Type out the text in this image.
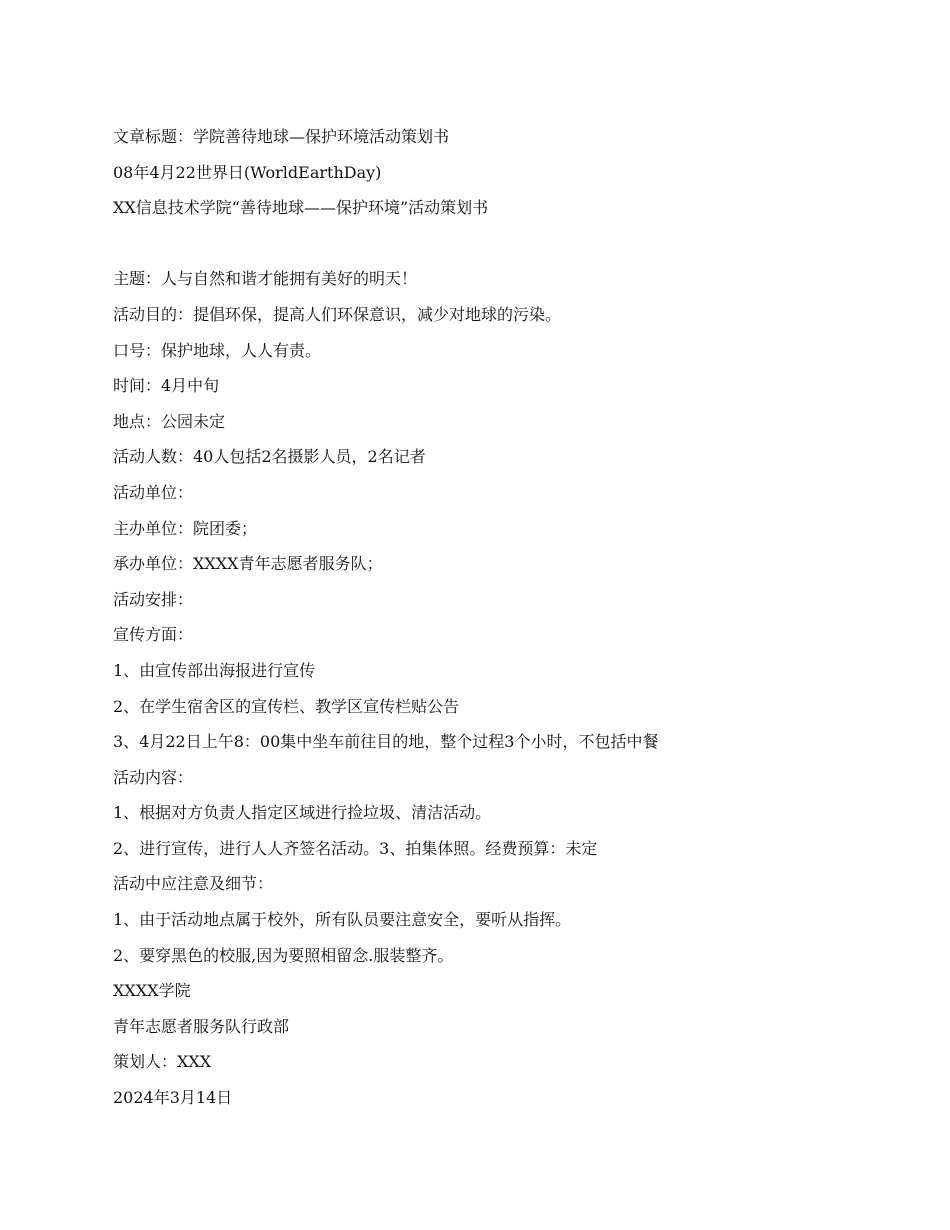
文章标题：学院善待地球—保护环境活动策划书
08年4月22世界日(WorldEarthDay)
XX信息技术学院“善待地球——保护环境”活动策划书
主题：人与自然和谐才能拥有美好的明天！
活动目的：提倡环保，提高人们环保意识，减少对地球的污染。
口号：保护地球，人人有责。
时间：4月中旬
地点：公园未定
活动人数：40人包括2名摄影人员，2名记者
活动单位：
主办单位：院团委；
承办单位：XXXX青年志愿者服务队；
活动安排：
宣传方面：
1、由宣传部出海报进行宣传
2、在学生宿舍区的宣传栏、教学区宣传栏贴公告
3、4月22日上午8：00集中坐车前往目的地，整个过程3个小时，不包括中餐
活动内容：
1、根据对方负责人指定区域进行捡垃圾、清洁活动。
2、进行宣传，进行人人齐签名活动。3、拍集体照。经费预算：未定
活动中应注意及细节：
1、由于活动地点属于校外，所有队员要注意安全，要听从指挥。
2、要穿黑色的校服,因为要照相留念.服装整齐。
XXXX学院
青年志愿者服务队行政部
策划人：XXX
2024年3月14日
